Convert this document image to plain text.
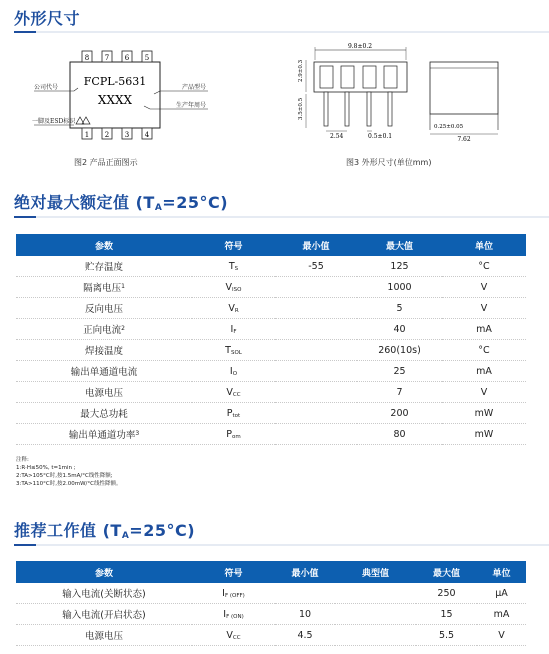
外形尺寸
8 7 6 5
1 2 3 4
FCPL-5631
XXXX
公司代号	产品型号
生产年周号
一脚及ESD标识
图2 产品正面图示
9.8±0.2
2.9±0.3
3.5±0.5
2.54	0.5±0.1
0.25±0.05
7.62
图3 外形尺寸(单位mm)
绝对最大额定值 $(T_A=25^\circ C)$
参数	符号	最小值	最大值	单位
贮存温度	$T_S$	-55	125	°C
隔离电压$^1$	$V_{ISO}$		1000	V
反向电压	$V_R$		5	V
正向电流$^2$	$I_F$		40	mA
焊接温度	$T_{SOL}$		260(10s)	°C
输出单通道电流	$I_O$		25	mA
电源电压	$V_{CC}$		7	V
最大总功耗	$P_{tot}$		200	mW
输出单通道功率$^3$	$P_{om}$		80	mW
注释:
1:R·H≤50%, t=1min ;
2:TA>105°C时,按1.5mA/°C线性降额;
3:TA>110°C时,按2.00mW/°C线性降额。
推荐工作值 $(T_A=25^\circ C)$
参数	符号	最小值	典型值	最大值	单位
输入电流(关断状态)	$I_{F (OFF)}$			250	μA
输入电流(开启状态)	$I_{F (ON)}$	10		15	mA
电源电压	$V_{CC}$	4.5		5.5	V
